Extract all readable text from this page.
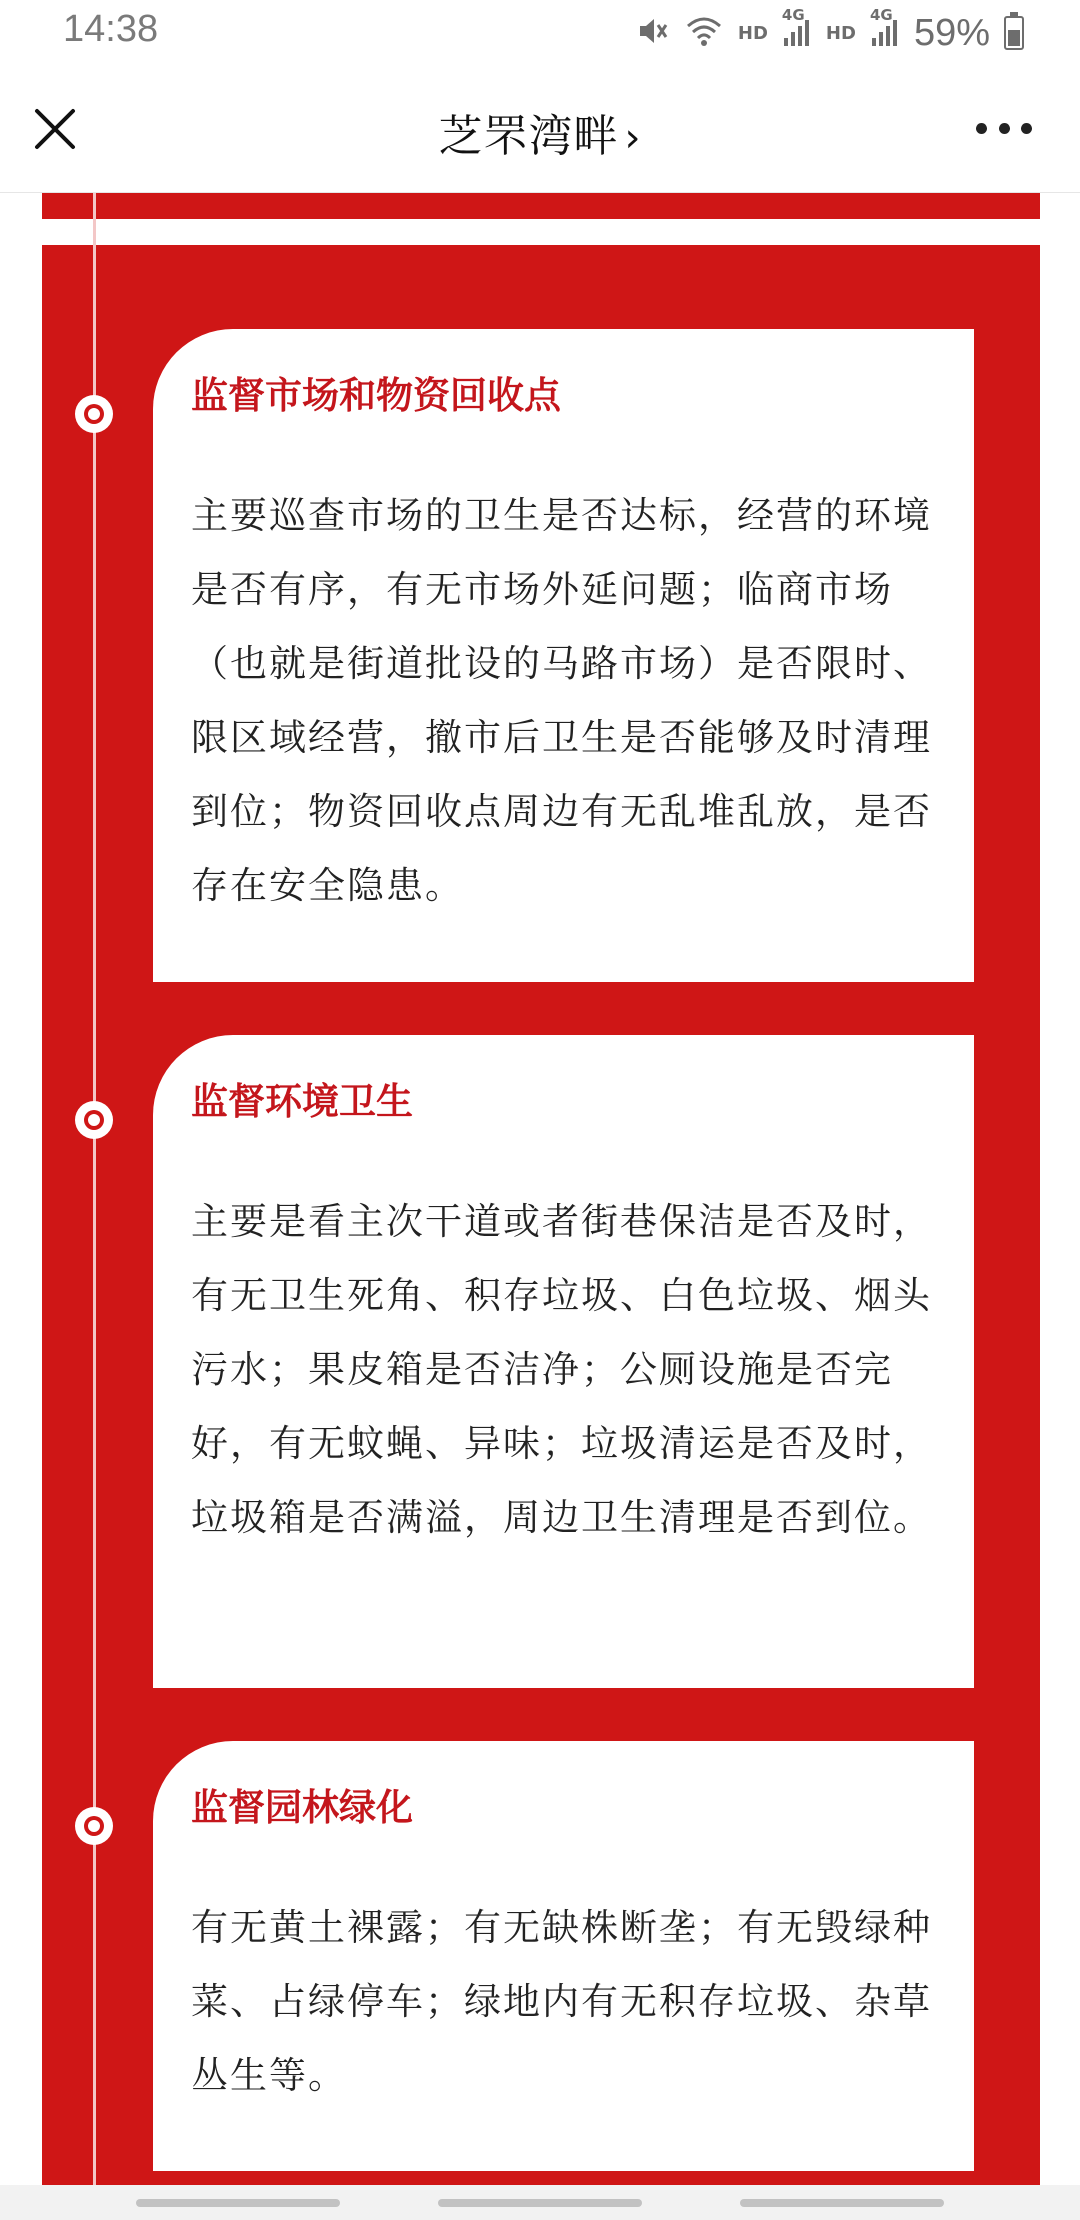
14:38	HD
4G
HD
4G 59%
芝罘湾畔 ›
监督市场和物资回收点
主要巡查市场的卫生是否达标，经营的环境是否有序，有无市场外延问题；临商市场（也就是街道批设的马路市场）是否限时、限区域经营，撤市后卫生是否能够及时清理到位；物资回收点周边有无乱堆乱放，是否存在安全隐患。
监督环境卫生
主要是看主次干道或者街巷保洁是否及时，有无卫生死角、积存垃圾、白色垃圾、烟头污水；果皮箱是否洁净；公厕设施是否完好，有无蚊蝇、异味；垃圾清运是否及时，垃圾箱是否满溢，周边卫生清理是否到位。
监督园林绿化
有无黄土裸露；有无缺株断垄；有无毁绿种菜、占绿停车；绿地内有无积存垃圾、杂草丛生等。
